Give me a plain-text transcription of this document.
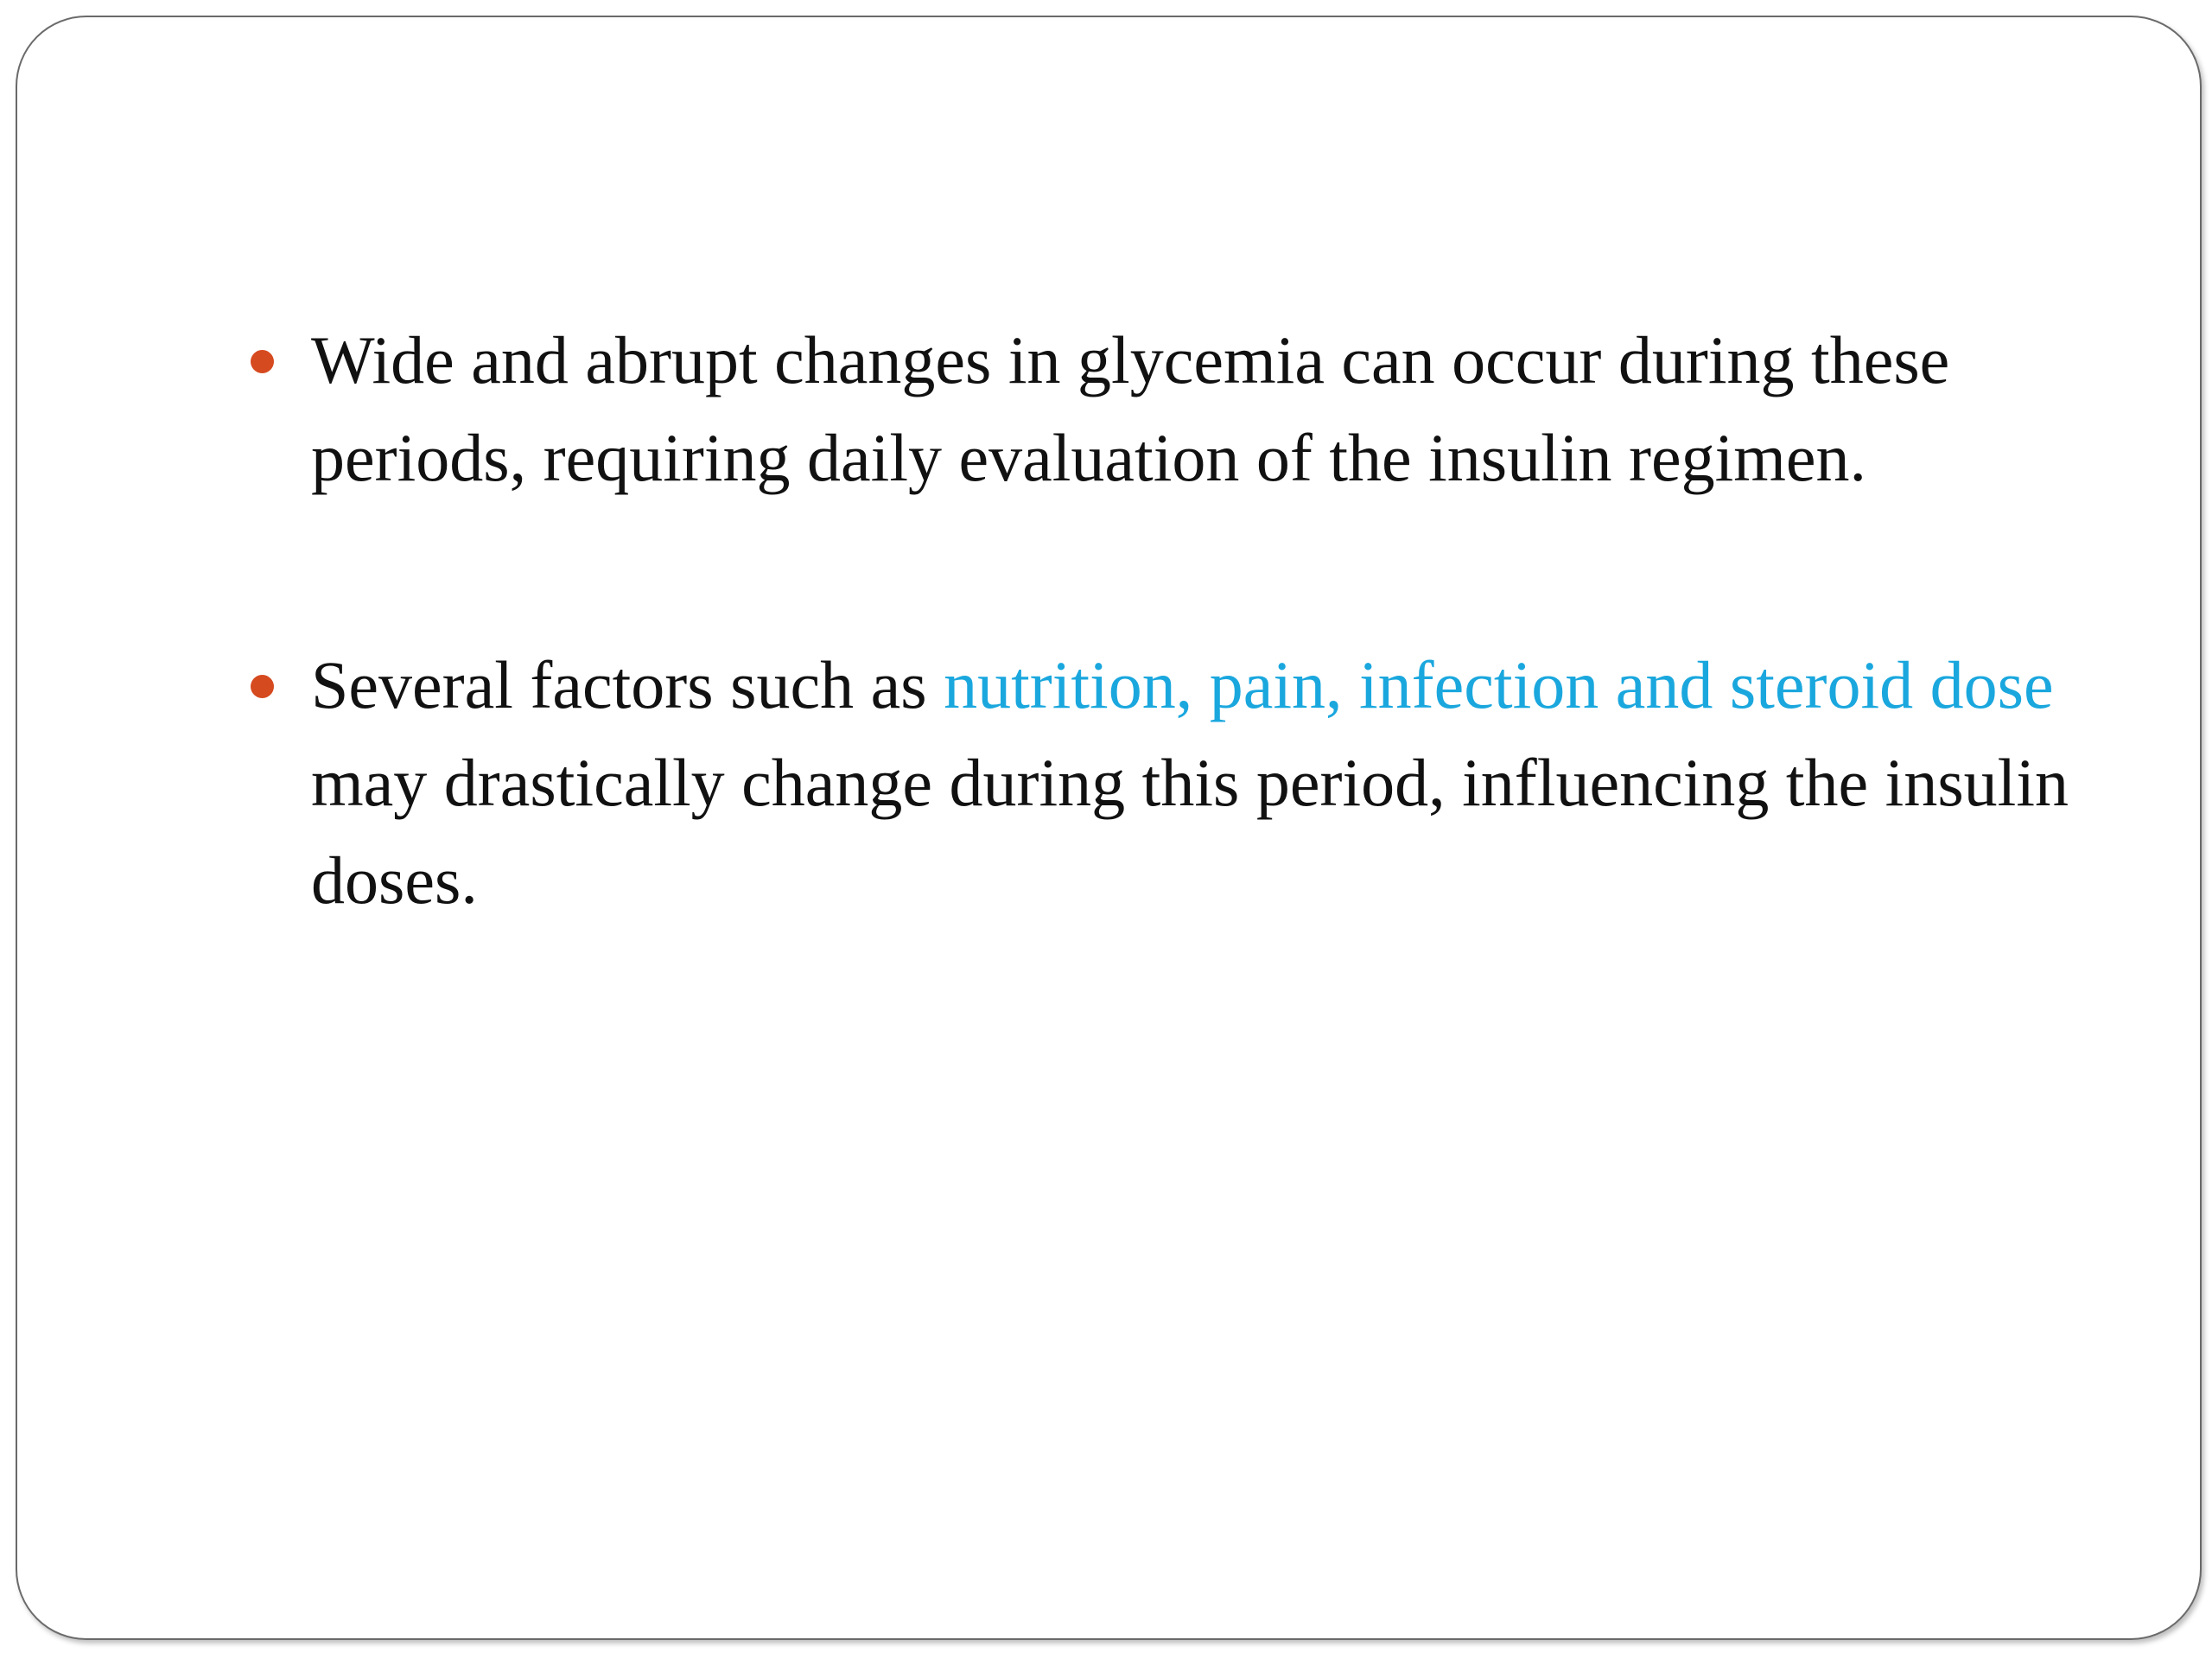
Wide and abrupt changes in glycemia can occur during these periods, requiring daily evaluation of the insulin regimen.
Several factors such as nutrition, pain, infection and steroid dose may drastically change during this period, influencing the insulin doses.
